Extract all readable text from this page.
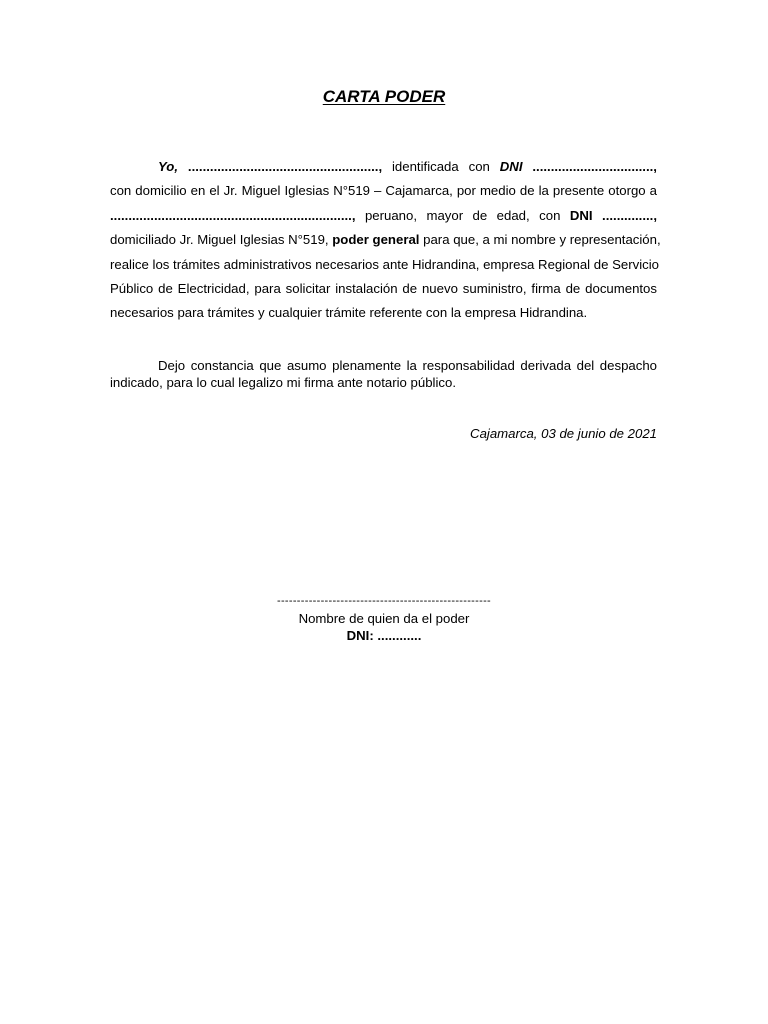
CARTA PODER
Yo, ...................................................., identificada con DNI .................................,
con domicilio en el Jr. Miguel Iglesias N°519 – Cajamarca, por medio de la presente otorgo a
.................................................................., peruano, mayor de edad, con DNI ..............,
domiciliado Jr. Miguel Iglesias N°519, poder general para que, a mi nombre y representación,
realice los trámites administrativos necesarios ante Hidrandina, empresa Regional de Servicio
Público de Electricidad, para solicitar instalación de nuevo suministro, firma de documentos
necesarios para trámites y cualquier trámite referente con la empresa Hidrandina.
Dejo constancia que asumo plenamente la responsabilidad derivada del despacho
indicado, para lo cual legalizo mi firma ante notario público.
Cajamarca, 03 de junio de 2021
------------------------------------------------------
Nombre de quien da el poder
DNI: ............
